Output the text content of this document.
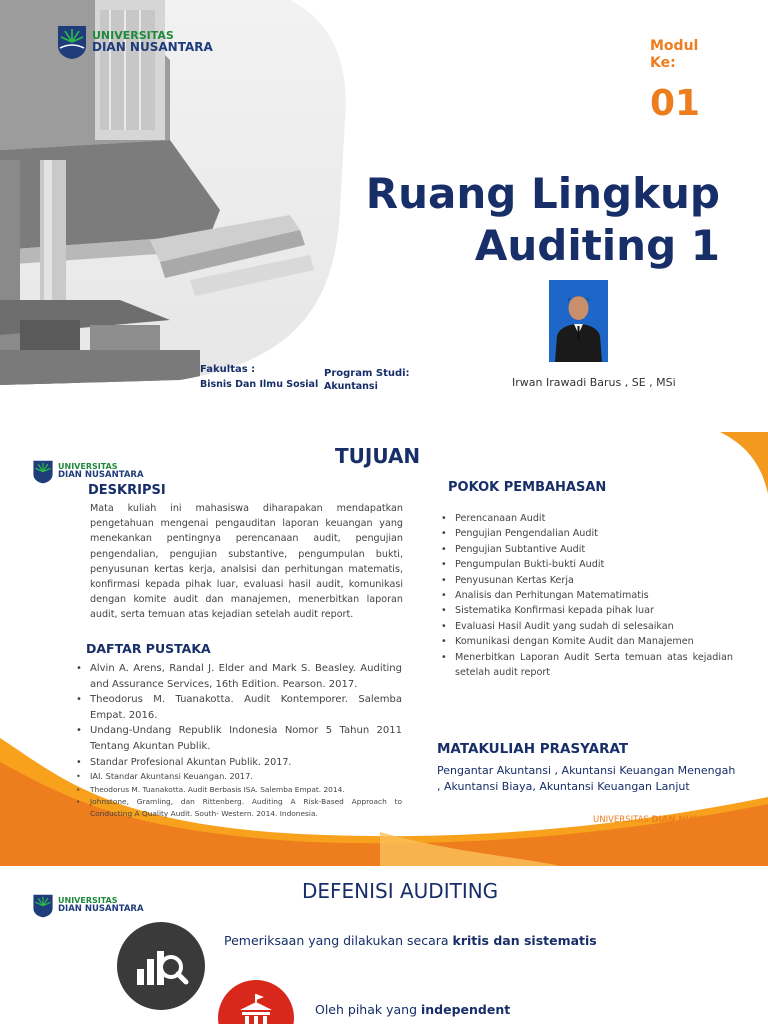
UNIVERSITAS
DIAN NUSANTARA	Modul Ke:
01
Ruang Lingkup
Auditing 1
Fakultas :
Bisnis Dan Ilmu Sosial
Program Studi:
Akuntansi	Irwan Irawadi Barus , SE , MSi
UNIVERSITAS
DIAN NUSANTARA
TUJUAN
DESKRIPSI
Mata kuliah ini mahasiswa diharapakan mendapatkan pengetahuan mengenai pengauditan laporan keuangan yang menekankan pentingnya perencanaan audit, pengujian pengendalian, pengujian substantive, pengumpulan bukti, penyusunan kertas kerja, analsisi dan perhitungan matematis, konfirmasi kepada pihak luar, evaluasi hasil audit, komunikasi dengan komite audit dan manajemen, menerbitkan laporan audit, serta temuan atas kejadian setelah audit report.
DAFTAR PUSTAKA
• Alvin A. Arens, Randal J. Elder and Mark S. Beasley. Auditing and Assurance Services, 16th Edition. Pearson. 2017.
• Theodorus M. Tuanakotta. Audit Kontemporer. Salemba Empat. 2016.
• Undang-Undang Republik Indonesia Nomor 5 Tahun 2011 Tentang Akuntan Publik.
• Standar Profesional Akuntan Publik. 2017.
• IAI. Standar Akuntansi Keuangan. 2017.
• Theodorus M. Tuanakotta. Audit Berbasis ISA. Salemba Empat. 2014.
• Johnstone, Gramling, dan Rittenberg. Auditing A Risk-Based Approach to Conducting A Quality Audit. South- Western. 2014. Indonesia.
POKOK PEMBAHASAN
• Perencanaan Audit
• Pengujian Pengendalian Audit
• Pengujian Subtantive Audit
• Pengumpulan Bukti-bukti Audit
• Penyusunan Kertas Kerja
• Analisis dan Perhitungan Matematimatis
• Sistematika Konfirmasi kepada pihak luar
• Evaluasi Hasil Audit yang sudah di selesaikan
• Komunikasi dengan Komite Audit dan Manajemen
• Menerbitkan Laporan Audit Serta temuan atas kejadian setelah audit report
MATAKULIAH PRASYARAT
Pengantar Akuntansi , Akuntansi Keuangan Menengah , Akuntansi Biaya, Akuntansi Keuangan Lanjut
UNIVERSITAS DIAN NUSANTARA
UNIVERSITAS
DIAN NUSANTARA
DEFENISI AUDITING
Pemeriksaan yang dilakukan secara kritis dan sistematis
Oleh pihak yang independent
